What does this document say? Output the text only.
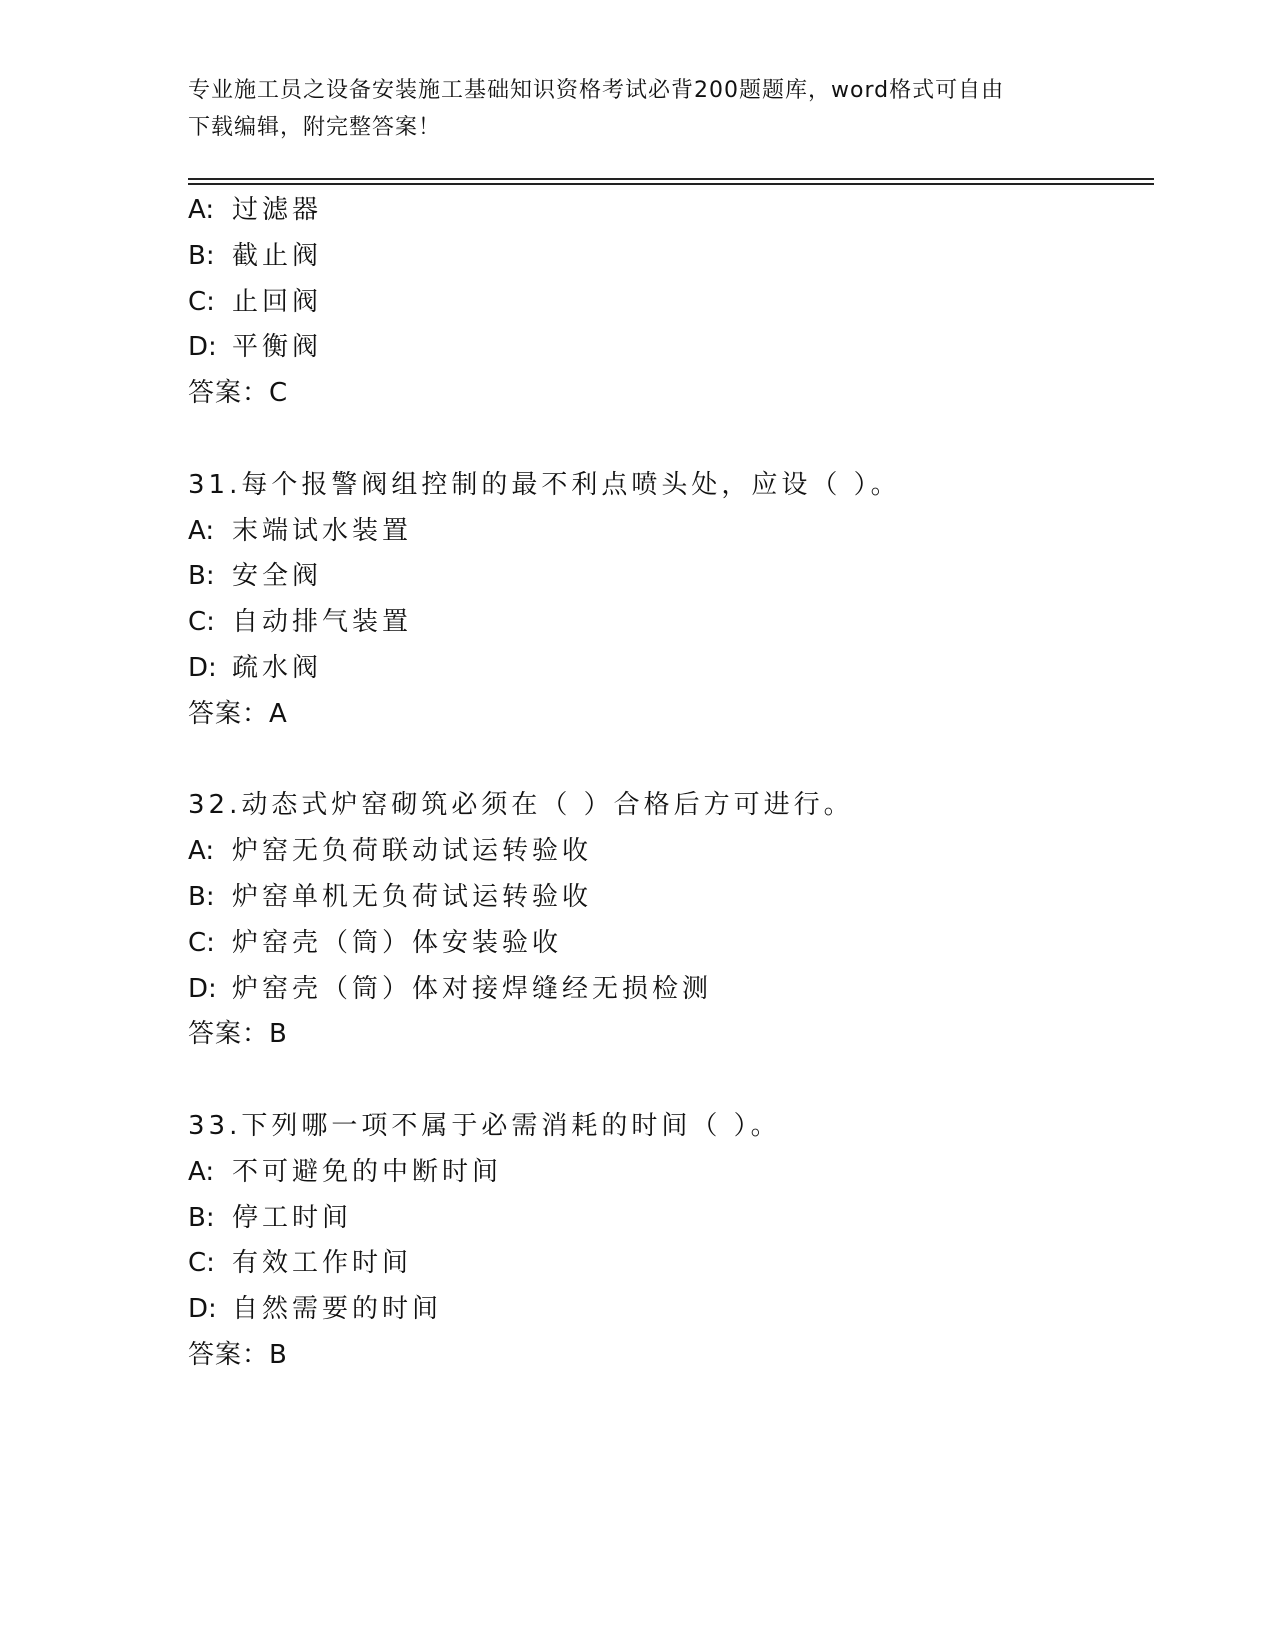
专业施工员之设备安装施工基础知识资格考试必背200题题库，word格式可自由
下载编辑，附完整答案！
A: 过滤器
B: 截止阀
C: 止回阀
D: 平衡阀
答案：C
31.每个报警阀组控制的最不利点喷头处，应设（ ）。
A: 末端试水装置
B: 安全阀
C: 自动排气装置
D: 疏水阀
答案：A
32.动态式炉窑砌筑必须在（ ）合格后方可进行。
A: 炉窑无负荷联动试运转验收
B: 炉窑单机无负荷试运转验收
C: 炉窑壳（筒）体安装验收
D: 炉窑壳（筒）体对接焊缝经无损检测
答案：B
33.下列哪一项不属于必需消耗的时间（ ）。
A: 不可避免的中断时间
B: 停工时间
C: 有效工作时间
D: 自然需要的时间
答案：B
